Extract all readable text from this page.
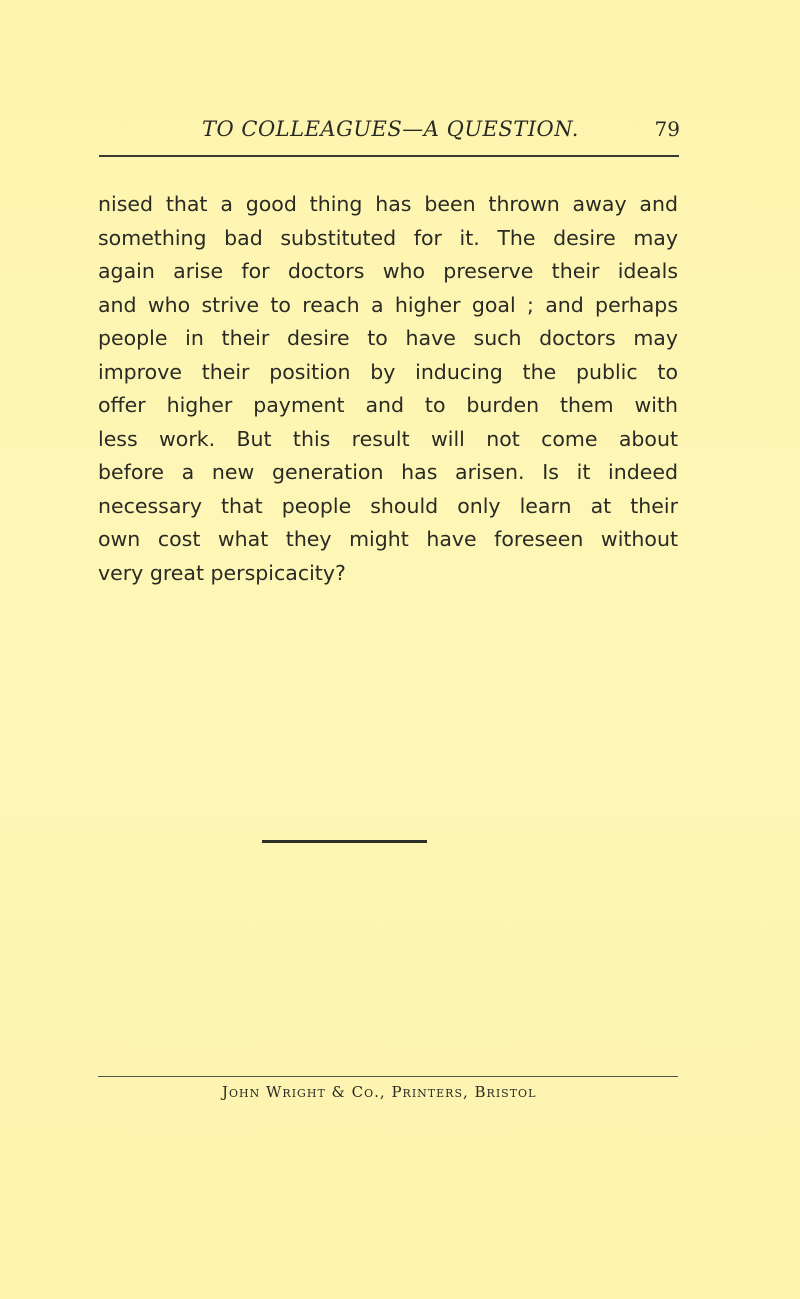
TO COLLEAGUES—A QUESTION.	79
nised that a good thing has been thrown away and
something bad substituted for it. The desire may
again arise for doctors who preserve their ideals
and who strive to reach a higher goal ; and perhaps
people in their desire to have such doctors may
improve their position by inducing the public to
offer higher payment and to burden them with
less work. But this result will not come about
before a new generation has arisen. Is it indeed
necessary that people should only learn at their
own cost what they might have foreseen without
very great perspicacity?
John Wright & Co., Printers, Bristol
